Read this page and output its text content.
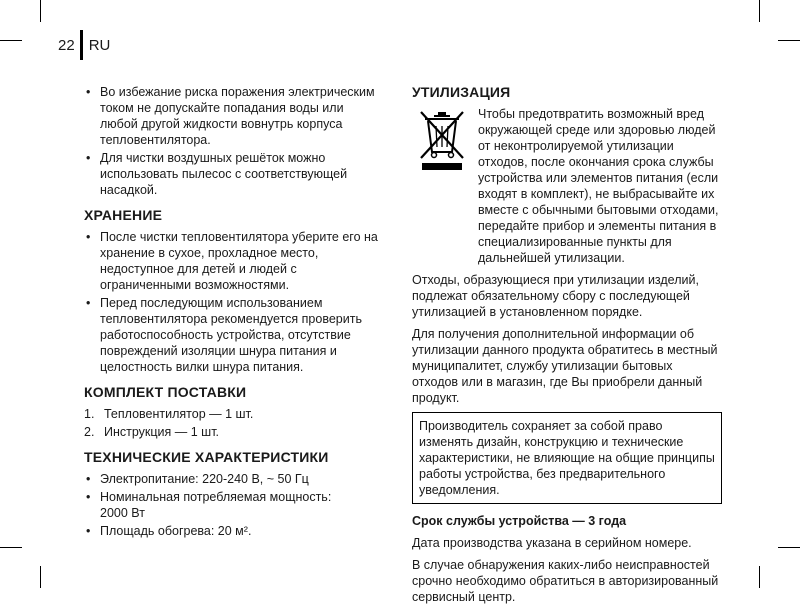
22 RU
• Во избежание риска поражения электрическим током не допускайте попадания воды или любой другой жидкости вовнутрь корпуса тепловентилятора.
• Для чистки воздушных решёток можно использовать пылесос с соответствующей насадкой.
ХРАНЕНИЕ
• После чистки тепловентилятора уберите его на хранение в сухое, прохладное место, недоступное для детей и людей с ограниченными возможностями.
• Перед последующим использованием тепловентилятора рекомендуется проверить работоспособность устройства, отсутствие повреждений изоляции шнура питания и целостность вилки шнура питания.
КОМПЛЕКТ ПОСТАВКИ
1. Тепловентилятор — 1 шт.
2. Инструкция — 1 шт.
ТЕХНИЧЕСКИЕ ХАРАКТЕРИСТИКИ
• Электропитание: 220-240 В, ~ 50 Гц
• Номинальная потребляемая мощность: 2000 Вт
• Площадь обогрева: 20 м².
УТИЛИЗАЦИЯ

Чтобы предотвратить возможный вред окружающей среде или здоровью людей от неконтролируемой утилизации отходов, после окончания срока службы устройства или элементов питания (если входят в комплект), не выбрасывайте их вместе с обычными бытовыми отходами, передайте прибор и элементы питания в специализированные пункты для дальнейшей утилизации.

Отходы, образующиеся при утилизации изделий, подлежат обязательному сбору с последующей утилизацией в установленном порядке.

Для получения дополнительной информации об утилизации данного продукта обратитесь в местный муниципалитет, службу утилизации бытовых отходов или в магазин, где Вы приобрели данный продукт.

Производитель сохраняет за собой право изменять дизайн, конструкцию и технические характеристики, не влияющие на общие принципы работы устройства, без предварительного уведомления.

Срок службы устройства — 3 года

Дата производства указана в серийном номере.

В случае обнаружения каких-либо неисправностей срочно необходимо обратиться в авторизированный сервисный центр.
